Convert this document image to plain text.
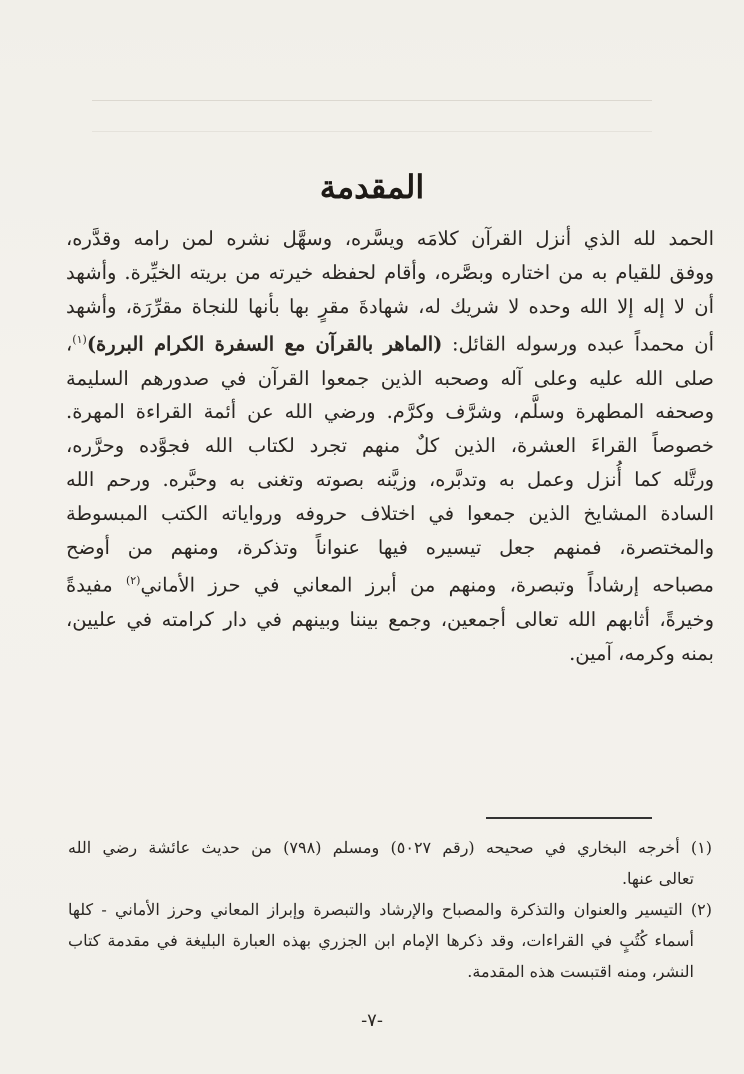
المقدمة
الحمد لله الذي أنزل القرآن كلامَه ويسَّره، وسهَّل نشره لمن رامه وقدَّره،
ووفق للقيام به من اختاره وبصَّره، وأقام لحفظه خيرته من بريته الخيِّرة. وأشهد
أن لا إله إلا الله وحده لا شريك له، شهادةَ مقرٍ بها بأنها للنجاة مقرِّرَة، وأشهد
أن محمداً عبده ورسوله القائل: (الماهر بالقرآن مع السفرة الكرام البررة)$^{(١)}$،
صلى الله عليه وعلى آله وصحبه الذين جمعوا القرآن في صدورهم السليمة
وصحفه المطهرة وسلَّم، وشرَّف وكرَّم. ورضي الله عن أئمة القراءة المهرة.
خصوصاً القراءَ العشرة، الذين كلٌ منهم تجرد لكتاب الله فجوَّده وحرَّره،
ورتَّله كما أُنزل وعمل به وتدبَّره، وزيَّنه بصوته وتغنى به وحبَّره. ورحم الله
السادة المشايخ الذين جمعوا في اختلاف حروفه ورواياته الكتب المبسوطة
والمختصرة، فمنهم جعل تيسيره فيها عنواناً وتذكرة، ومنهم من أوضح
مصباحه إرشاداً وتبصرة، ومنهم من أبرز المعاني في حرز الأماني$^{(٢)}$ مفيدةً
وخيرةً، أثابهم الله تعالى أجمعين، وجمع بيننا وبينهم في دار كرامته في عليين،
بمنه وكرمه، آمين.
(١) أخرجه البخاري في صحيحه (رقم ٥٠٢٧) ومسلم (٧٩٨) من حديث عائشة رضي الله
تعالى عنها.
(٢) التيسير والعنوان والتذكرة والمصباح والإرشاد والتبصرة وإبراز المعاني وحرز الأماني - كلها
أسماء كُتُبٍ في القراءات، وقد ذكرها الإمام ابن الجزري بهذه العبارة البليغة في مقدمة كتاب
النشر، ومنه اقتبست هذه المقدمة.
-٧-
